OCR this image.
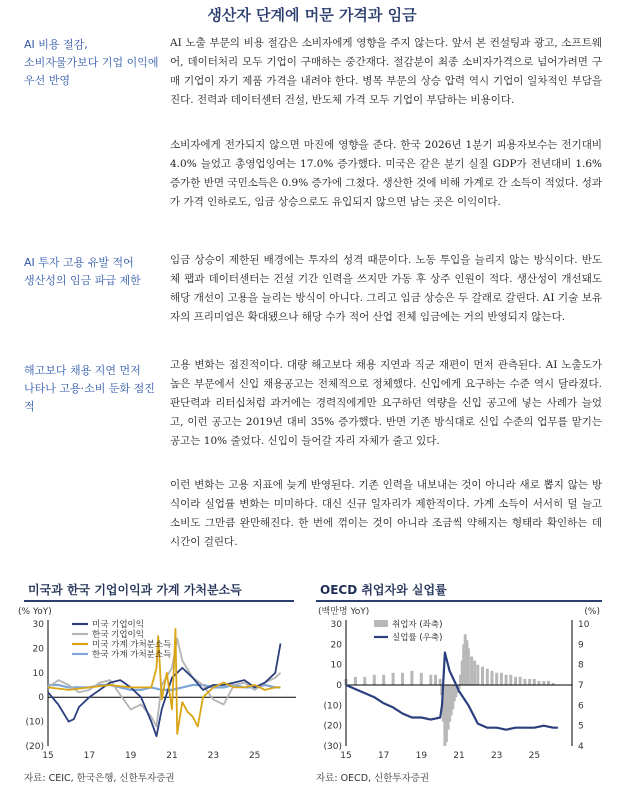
생산자 단계에 머문 가격과 임금
AI 비용 절감,
소비자물가보다 기업 이익에 우선 반영
AI 노출 부문의 비용 절감은 소비자에게 영향을 주지 않는다. 앞서 본 컨설팅과 광고, 소프트웨어, 데이터처리 모두 기업이 구매하는 중간재다. 절감분이 최종 소비자가격으로 넘어가려면 구매 기업이 자기 제품 가격을 내려야 한다. 병목 부문의 상승 압력 역시 기업이 일차적인 부담을 진다. 전력과 데이터센터 건설, 반도체 가격 모두 기업이 부담하는 비용이다.
소비자에게 전가되지 않으면 마진에 영향을 준다. 한국 2026년 1분기 피용자보수는 전기대비 4.0% 늘었고 총영업잉여는 17.0% 증가했다. 미국은 같은 분기 실질 GDP가 전년대비 1.6% 증가한 반면 국민소득은 0.9% 증가에 그쳤다. 생산한 것에 비해 가계로 간 소득이 적었다. 성과가 가격 인하로도, 임금 상승으로도 유입되지 않으면 남는 곳은 이익이다.
AI 투자 고용 유발 적어
생산성의 임금 파급 제한
임금 상승이 제한된 배경에는 투자의 성격 때문이다. 노동 투입을 늘리지 않는 방식이다. 반도체 팹과 데이터센터는 건설 기간 인력을 쓰지만 가동 후 상주 인원이 적다. 생산성이 개선돼도 해당 개선이 고용을 늘리는 방식이 아니다. 그리고 임금 상승은 두 갈래로 갈린다. AI 기술 보유자의 프리미엄은 확대됐으나 해당 수가 적어 산업 전체 임금에는 거의 반영되지 않는다.
해고보다 채용 지연 먼저
나타나 고용·소비 둔화 점진적
고용 변화는 점진적이다. 대량 해고보다 채용 지연과 직군 재편이 먼저 관측된다. AI 노출도가 높은 부문에서 신입 채용공고는 전체적으로 정체했다. 신입에게 요구하는 수준 역시 달라졌다. 판단력과 리터십처럼 과거에는 경력직에게만 요구하던 역량을 신입 공고에 넣는 사례가 늘었고, 이런 공고는 2019년 대비 35% 증가했다. 반면 기존 방식대로 신입 수준의 업무를 맡기는 공고는 10% 줄었다. 신입이 들어갈 자리 자체가 줄고 있다.
이런 변화는 고용 지표에 늦게 반영된다. 기존 인력을 내보내는 것이 아니라 새로 뽑지 않는 방식이라 실업률 변화는 미미하다. 대신 신규 일자리가 제한적이다. 가계 소득이 서서히 덜 늘고 소비도 그만큼 완만해진다. 한 번에 꺾이는 것이 아니라 조금씩 약해지는 형태라 확인하는 데 시간이 걸린다.
미국과 한국 기업이익과 가계 가처분소득
(% YoY)
30
20
10
0
(10)
(20)
15	17	19	21	23	25
미국 기업이익
한국 기업이익
미국 가계 가처분소득
한국 가계 가처분소득
자료: CEIC, 한국은행, 신한투자증권
OECD 취업자와 실업률
(백만명 YoY)	(%)
30
20
10
0
(10)
(20)
(30)
10
9
8
7
6
5
4
15	17	19	21	23	25
취업자 (좌축)
실업률 (우축)
자료: OECD, 신한투자증권
